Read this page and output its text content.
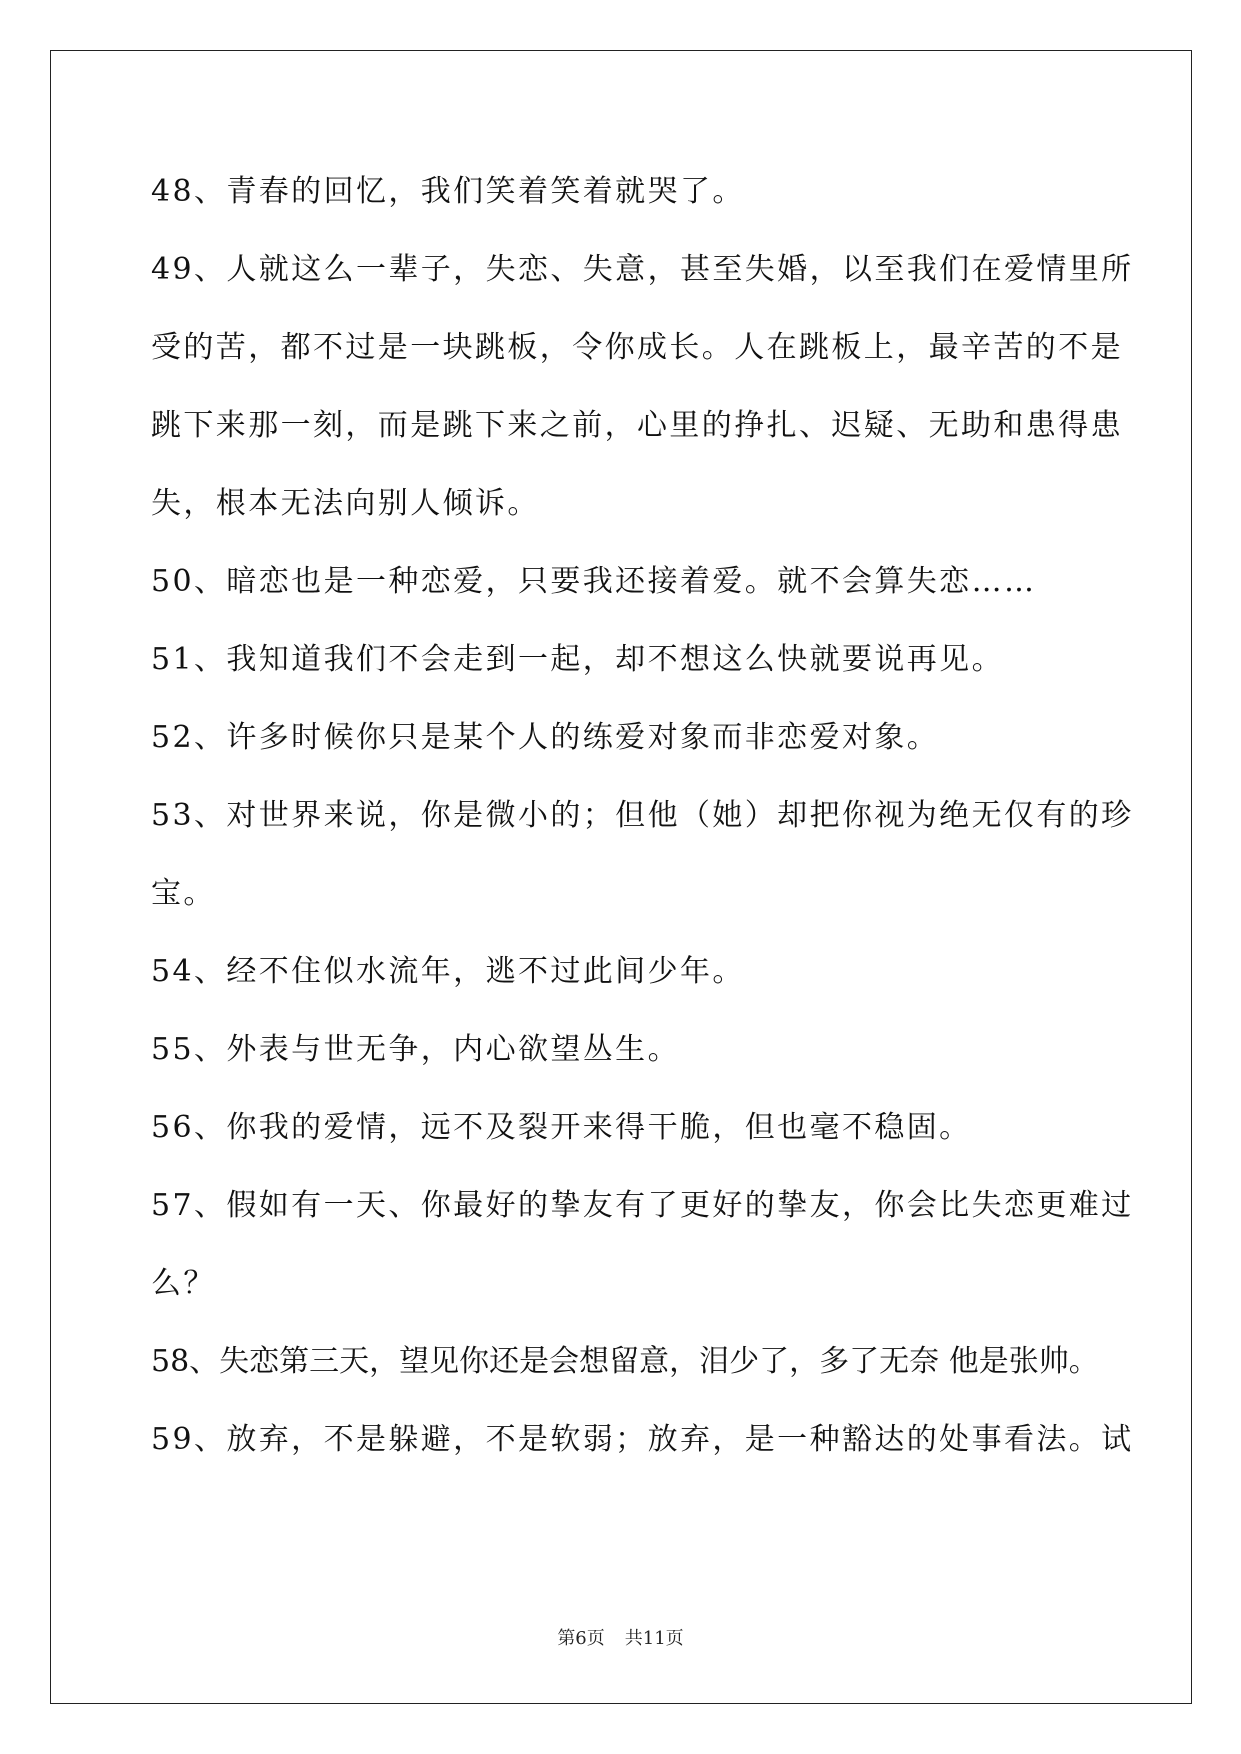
48、青春的回忆，我们笑着笑着就哭了。
49、人就这么一辈子，失恋、失意，甚至失婚，以至我们在爱情里所
受的苦，都不过是一块跳板，令你成长。人在跳板上，最辛苦的不是
跳下来那一刻，而是跳下来之前，心里的挣扎、迟疑、无助和患得患
失，根本无法向别人倾诉。
50、暗恋也是一种恋爱，只要我还接着爱。就不会算失恋……
51、我知道我们不会走到一起，却不想这么快就要说再见。
52、许多时候你只是某个人的练爱对象而非恋爱对象。
53、对世界来说，你是微小的；但他（她）却把你视为绝无仅有的珍
宝。
54、经不住似水流年，逃不过此间少年。
55、外表与世无争，内心欲望丛生。
56、你我的爱情，远不及裂开来得干脆，但也毫不稳固。
57、假如有一天、你最好的挚友有了更好的挚友，你会比失恋更难过
么？
58、失恋第三天，望见你还是会想留意，泪少了，多了无奈 他是张帅。
59、放弃，不是躲避，不是软弱；放弃，是一种豁达的处事看法。试
第6页 共11页
